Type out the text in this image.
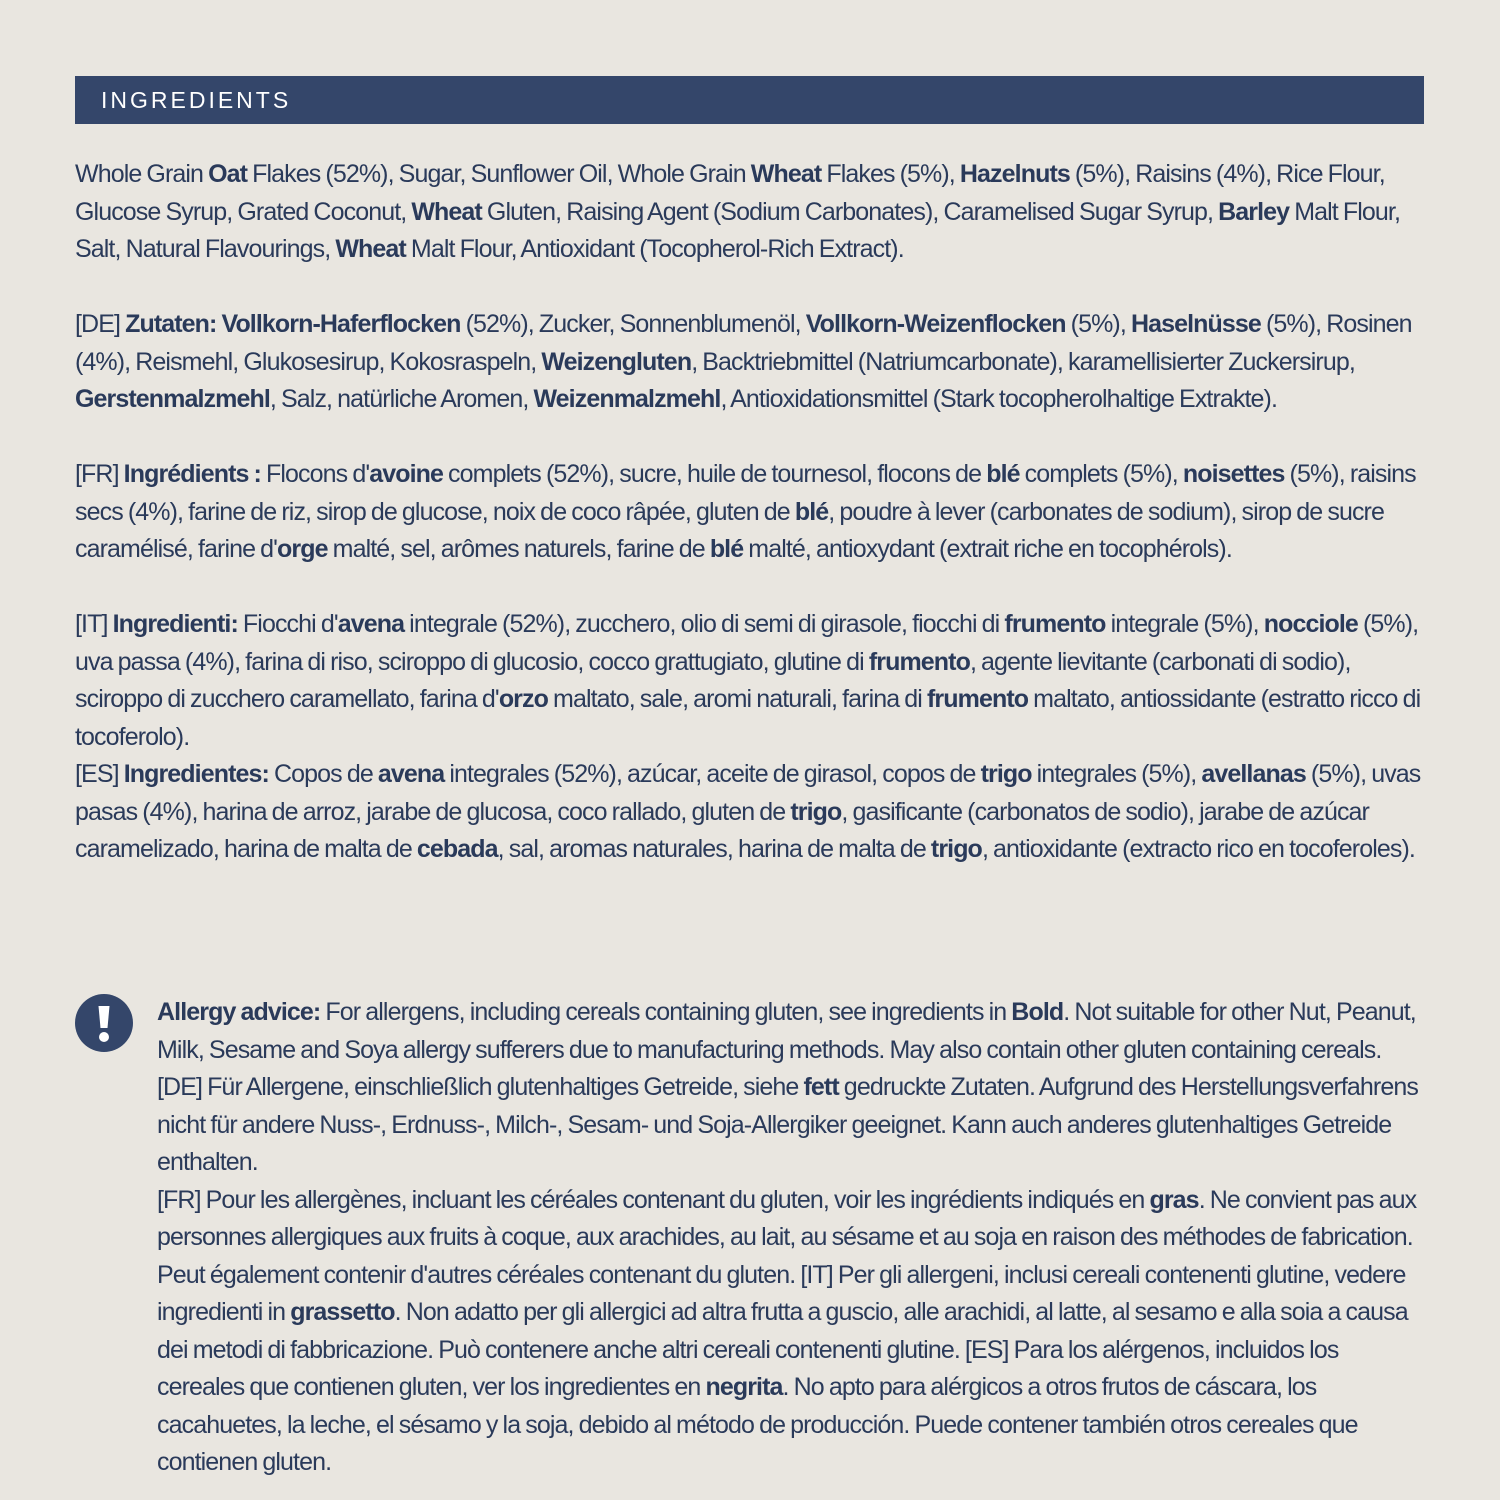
INGREDIENTS
Whole Grain Oat Flakes (52%), Sugar, Sunflower Oil, Whole Grain Wheat Flakes (5%), Hazelnuts (5%), Raisins (4%), Rice Flour, Glucose Syrup, Grated Coconut, Wheat Gluten, Raising Agent (Sodium Carbonates), Caramelised Sugar Syrup, Barley Malt Flour, Salt, Natural Flavourings, Wheat Malt Flour, Antioxidant (Tocopherol-Rich Extract).
[DE] Zutaten: Vollkorn-Haferflocken (52%), Zucker, Sonnenblumenöl, Vollkorn-Weizenflocken (5%), Haselnüsse (5%), Rosinen (4%), Reismehl, Glukosesirup, Kokosraspeln, Weizengluten, Backtriebmittel (Natriumcarbonate), karamellisierter Zuckersirup, Gerstenmalzmehl, Salz, natürliche Aromen, Weizenmalzmehl, Antioxidationsmittel (Stark tocopherolhaltige Extrakte).
[FR] Ingrédients : Flocons d'avoine complets (52%), sucre, huile de tournesol, flocons de blé complets (5%), noisettes (5%), raisins secs (4%), farine de riz, sirop de glucose, noix de coco râpée, gluten de blé, poudre à lever (carbonates de sodium), sirop de sucre caramélisé, farine d'orge malté, sel, arômes naturels, farine de blé malté, antioxydant (extrait riche en tocophérols).
[IT] Ingredienti: Fiocchi d'avena integrale (52%), zucchero, olio di semi di girasole, fiocchi di frumento integrale (5%), nocciole (5%), uva passa (4%), farina di riso, sciroppo di glucosio, cocco grattugiato, glutine di frumento, agente lievitante (carbonati di sodio), sciroppo di zucchero caramellato, farina d'orzo maltato, sale, aromi naturali, farina di frumento maltato, antiossidante (estratto ricco di tocoferolo).
[ES] Ingredientes: Copos de avena integrales (52%), azúcar, aceite de girasol, copos de trigo integrales (5%), avellanas (5%), uvas pasas (4%), harina de arroz, jarabe de glucosa, coco rallado, gluten de trigo, gasificante (carbonatos de sodio), jarabe de azúcar caramelizado, harina de malta de cebada, sal, aromas naturales, harina de malta de trigo, antioxidante (extracto rico en tocoferoles).
Allergy advice: For allergens, including cereals containing gluten, see ingredients in Bold. Not suitable for other Nut, Peanut, Milk, Sesame and Soya allergy sufferers due to manufacturing methods. May also contain other gluten containing cereals.
[DE] Für Allergene, einschließlich glutenhaltiges Getreide, siehe fett gedruckte Zutaten. Aufgrund des Herstellungsverfahrens nicht für andere Nuss-, Erdnuss-, Milch-, Sesam- und Soja-Allergiker geeignet. Kann auch anderes glutenhaltiges Getreide enthalten.
[FR] Pour les allergènes, incluant les céréales contenant du gluten, voir les ingrédients indiqués en gras. Ne convient pas aux personnes allergiques aux fruits à coque, aux arachides, au lait, au sésame et au soja en raison des méthodes de fabrication. Peut également contenir d'autres céréales contenant du gluten. [IT] Per gli allergeni, inclusi cereali contenenti glutine, vedere ingredienti in grassetto. Non adatto per gli allergici ad altra frutta a guscio, alle arachidi, al latte, al sesamo e alla soia a causa dei metodi di fabbricazione. Può contenere anche altri cereali contenenti glutine. [ES] Para los alérgenos, incluidos los cereales que contienen gluten, ver los ingredientes en negrita. No apto para alérgicos a otros frutos de cáscara, los cacahuetes, la leche, el sésamo y la soja, debido al método de producción. Puede contener también otros cereales que contienen gluten.
